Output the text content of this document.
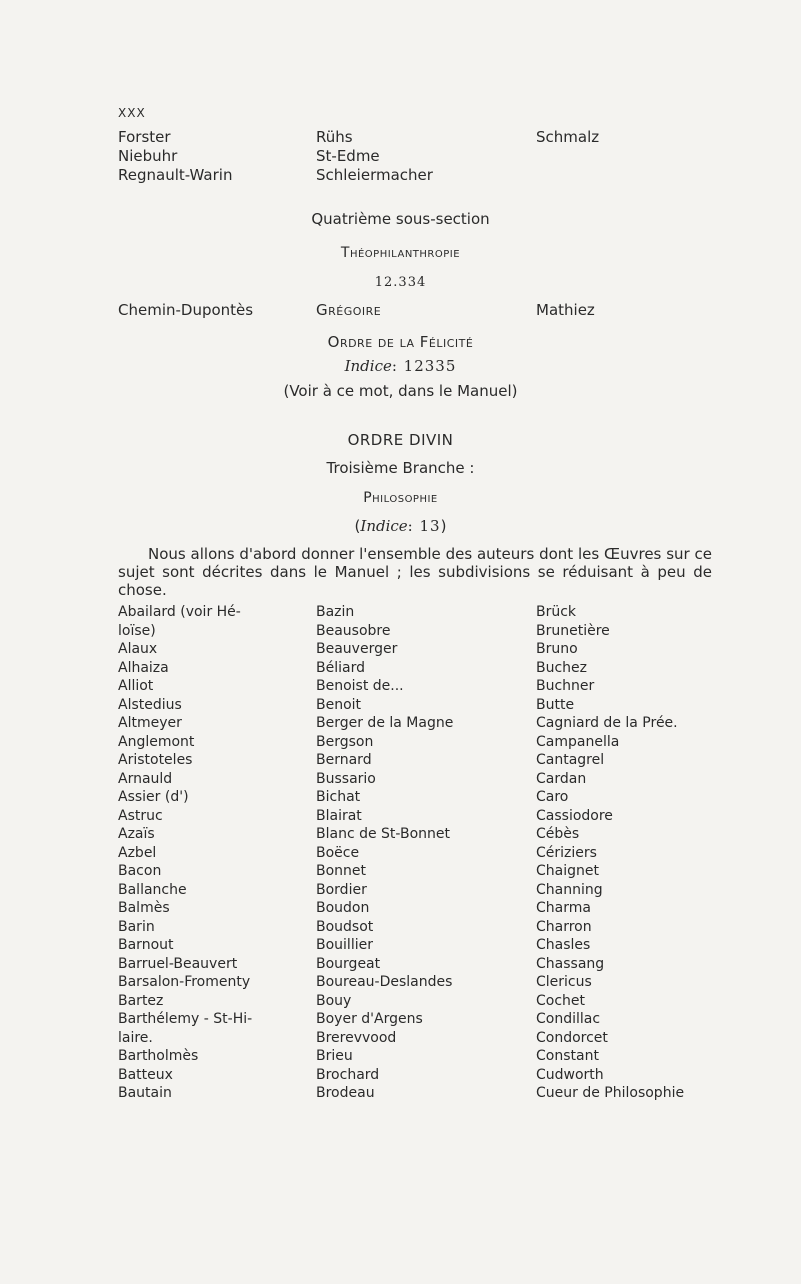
XXX
Forster
Niebuhr
Regnault-Warin
Rühs
St-Edme
Schleiermacher
Schmalz
Quatrième sous-section
Théophilanthropie
12.334
Chemin-Dupontès	Grégoire	Mathiez
Ordre de la Félicité
Indice: 12335
(Voir à ce mot, dans le Manuel)
ORDRE DIVIN
Troisième Branche :
Philosophie
(Indice: 13)
Nous allons d'abord donner l'ensemble des auteurs dont les Œuvres sur ce sujet sont décrites dans le Manuel ; les subdivisions se réduisant à peu de chose.
Abailard (voir Hé-
loïse)
Alaux
Alhaiza
Alliot
Alstedius
Altmeyer
Anglemont
Aristoteles
Arnauld
Assier (d')
Astruc
Azaïs
Azbel
Bacon
Ballanche
Balmès
Barin
Barnout
Barruel-Beauvert
Barsalon-Fromenty
Bartez
Barthélemy - St-Hi-
laire.
Bartholmès
Batteux
Bautain
Bazin
Beausobre
Beauverger
Béliard
Benoist de...
Benoit
Berger de la Magne
Bergson
Bernard
Bussario
Bichat
Blairat
Blanc de St-Bonnet
Boëce
Bonnet
Bordier
Boudon
Boudsot
Bouillier
Bourgeat
Boureau-Deslandes
Bouy
Boyer d'Argens
Brerevvood
Brieu
Brochard
Brodeau
Brück
Brunetière
Bruno
Buchez
Buchner
Butte
Cagniard de la Prée.
Campanella
Cantagrel
Cardan
Caro
Cassiodore
Cébès
Cériziers
Chaignet
Channing
Charma
Charron
Chasles
Chassang
Clericus
Cochet
Condillac
Condorcet
Constant
Cudworth
Cueur de Philosophie
